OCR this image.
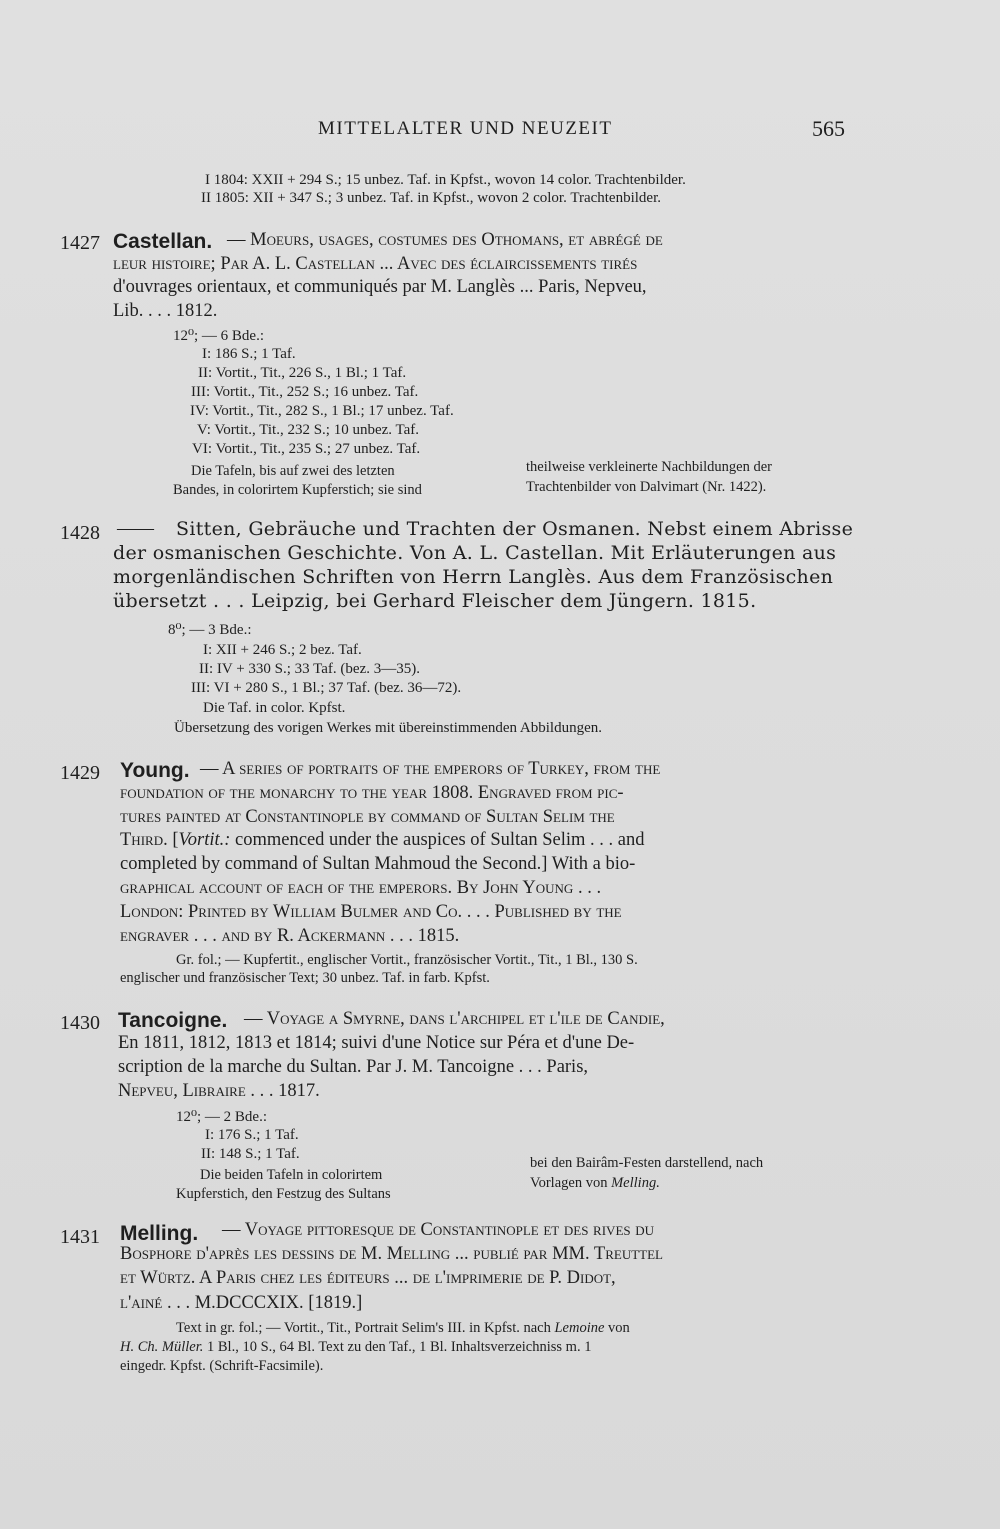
MITTELALTER UND NEUZEIT	565
I 1804: XXII + 294 S.; 15 unbez. Taf. in Kpfst., wovon 14 color. Trachtenbilder.
II 1805: XII + 347 S.; 3 unbez. Taf. in Kpfst., wovon 2 color. Trachtenbilder.
1427 Castellan. — Moeurs, usages, costumes des Othomans, et abrégé de
leur histoire; Par A. L. Castellan ... Avec des éclaircissements tirés
d'ouvrages orientaux, et communiqués par M. Langlès ... Paris, Nepveu,
Lib. . . . 1812.
12⁰; — 6 Bde.:
I: 186 S.; 1 Taf.
II: Vortit., Tit., 226 S., 1 Bl.; 1 Taf.
III: Vortit., Tit., 252 S.; 16 unbez. Taf.
IV: Vortit., Tit., 282 S., 1 Bl.; 17 unbez. Taf.
V: Vortit., Tit., 232 S.; 10 unbez. Taf.
VI: Vortit., Tit., 235 S.; 27 unbez. Taf.
Die Tafeln, bis auf zwei des letzten
Bandes, in colorirtem Kupferstich; sie sind
theilweise verkleinerte Nachbildungen der
Trachtenbilder von Dalvimart (Nr. 1422).
1428 —— Sitten, Gebräuche und Trachten der Osmanen. Nebst einem Abrisse
der osmanischen Geschichte. Von A. L. Castellan. Mit Erläuterungen aus
morgenländischen Schriften von Herrn Langlès. Aus dem Französischen
übersetzt . . . Leipzig, bei Gerhard Fleischer dem Jüngern. 1815.
8⁰; — 3 Bde.:
I: XII + 246 S.; 2 bez. Taf.
II: IV + 330 S.; 33 Taf. (bez. 3—35).
III: VI + 280 S., 1 Bl.; 37 Taf. (bez. 36—72).
Die Taf. in color. Kpfst.
Übersetzung des vorigen Werkes mit übereinstimmenden Abbildungen.
1429 Young. — A series of portraits of the emperors of Turkey, from the
foundation of the monarchy to the year 1808. Engraved from pic-
tures painted at Constantinople by command of Sultan Selim the
Third. [Vortit.: commenced under the auspices of Sultan Selim . . . and
completed by command of Sultan Mahmoud the Second.] With a bio-
graphical account of each of the emperors. By John Young . . .
London: Printed by William Bulmer and Co. . . . Published by the
engraver . . . and by R. Ackermann . . . 1815.
Gr. fol.; — Kupfertit., englischer Vortit., französischer Vortit., Tit., 1 Bl., 130 S.
englischer und französischer Text; 30 unbez. Taf. in farb. Kpfst.
1430 Tancoigne. — Voyage a Smyrne, dans l'archipel et l'ile de Candie,
En 1811, 1812, 1813 et 1814; suivi d'une Notice sur Péra et d'une De-
scription de la marche du Sultan. Par J. M. Tancoigne . . . Paris,
Nepveu, Libraire . . . 1817.
12⁰; — 2 Bde.:
I: 176 S.; 1 Taf.
II: 148 S.; 1 Taf.
Die beiden Tafeln in colorirtem
Kupferstich, den Festzug des Sultans
bei den Bairâm-Festen darstellend, nach
Vorlagen von Melling.
1431 Melling. — Voyage pittoresque de Constantinople et des rives du
Bosphore d'après les dessins de M. Melling ... publié par MM. Treuttel
et Würtz. A Paris chez les éditeurs ... de l'imprimerie de P. Didot,
l'ainé . . . M.DCCCXIX. [1819.]
Text in gr. fol.; — Vortit., Tit., Portrait Selim's III. in Kpfst. nach Lemoine von
H. Ch. Müller. 1 Bl., 10 S., 64 Bl. Text zu den Taf., 1 Bl. Inhaltsverzeichniss m. 1
eingedr. Kpfst. (Schrift-Facsimile).
